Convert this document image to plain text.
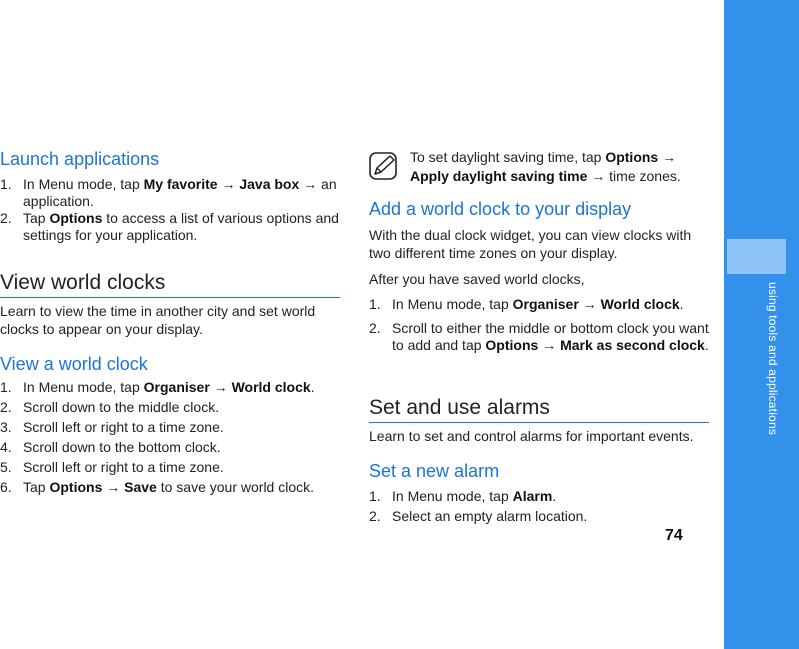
Launch applications
1. In Menu mode, tap My favorite → Java box → an application.
2. Tap Options to access a list of various options and settings for your application.
View world clocks

Learn to view the time in another city and set world clocks to appear on your display.

View a world clock
1. In Menu mode, tap Organiser → World clock.
2. Scroll down to the middle clock.
3. Scroll left or right to a time zone.
4. Scroll down to the bottom clock.
5. Scroll left or right to a time zone.
6. Tap Options → Save to save your world clock.
To set daylight saving time, tap Options → Apply daylight saving time → time zones.
Add a world clock to your display

With the dual clock widget, you can view clocks with two different time zones on your display.

After you have saved world clocks,

1. In Menu mode, tap Organiser → World clock.
2. Scroll to either the middle or bottom clock you want to add and tap Options → Mark as second clock.
Set and use alarms

Learn to set and control alarms for important events.

Set a new alarm
1. In Menu mode, tap Alarm.
2. Select an empty alarm location.
using tools and applications
74
